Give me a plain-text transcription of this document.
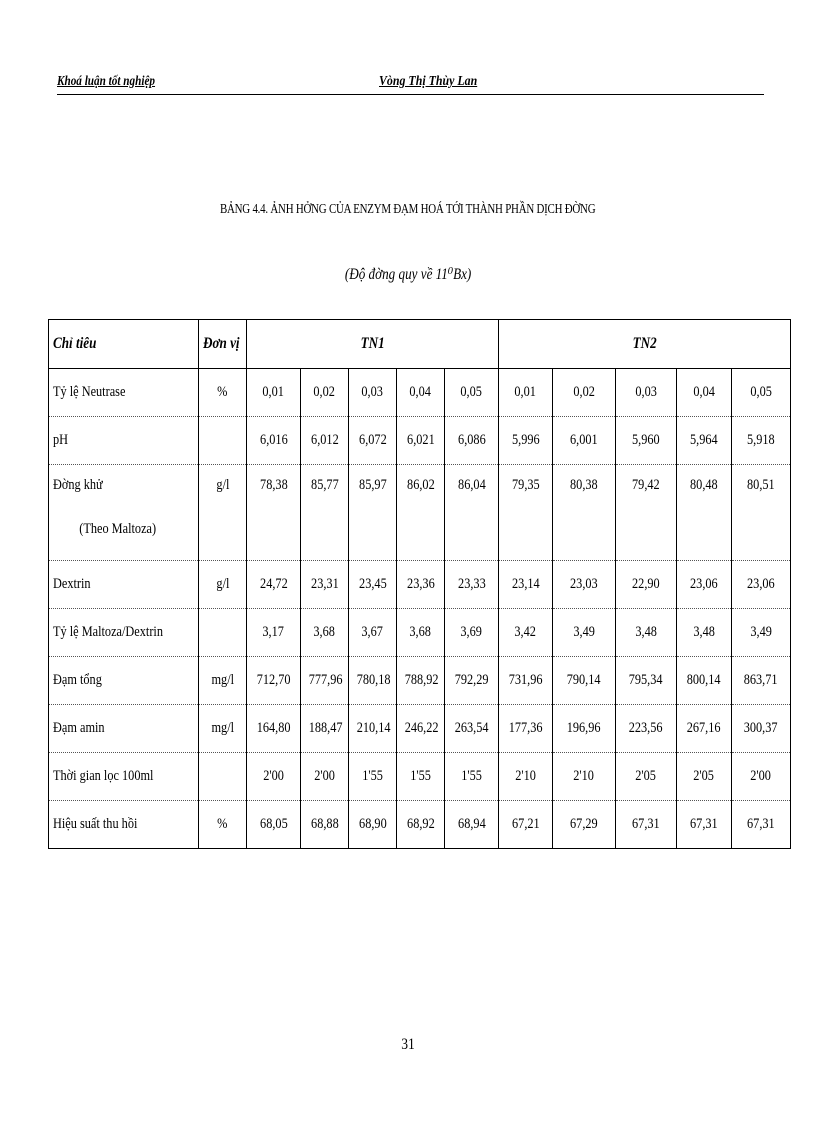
Khoá luận tốt nghiệp	Vòng Thị Thùy Lan
BẢNG 4.4. ẢNH HỞNG CỦA ENZYM ĐẠM HOÁ TỚI THÀNH PHẦN DỊCH ĐỜNG
(Độ đờng quy về 11⁰Bx)
Chỉ tiêu	Đơn vị	TN1					TN2				
Tỷ lệ Neutrase	%	0,01	0,02	0,03	0,04	0,05	0,01	0,02	0,03	0,04	0,05
pH		6,016	6,012	6,072	6,021	6,086	5,996	6,001	5,960	5,964	5,918

Đờng khử
(Theo Maltoza)	g/l	78,38	85,77	85,97	86,02	86,04	79,35	80,38	79,42	80,48	80,51
Dextrin	g/l	24,72	23,31	23,45	23,36	23,33	23,14	23,03	22,90	23,06	23,06
Tỷ lệ Maltoza/Dextrin		3,17	3,68	3,67	3,68	3,69	3,42	3,49	3,48	3,48	3,49
Đạm tổng	mg/l	712,70	777,96	780,18	788,92	792,29	731,96	790,14	795,34	800,14	863,71
Đạm amin	mg/l	164,80	188,47	210,14	246,22	263,54	177,36	196,96	223,56	267,16	300,37
Thời gian lọc 100ml		2'00	2'00	1'55	1'55	1'55	2'10	2'10	2'05	2'05	2'00
Hiệu suất thu hồi	%	68,05	68,88	68,90	68,92	68,94	67,21	67,29	67,31	67,31	67,31
31
